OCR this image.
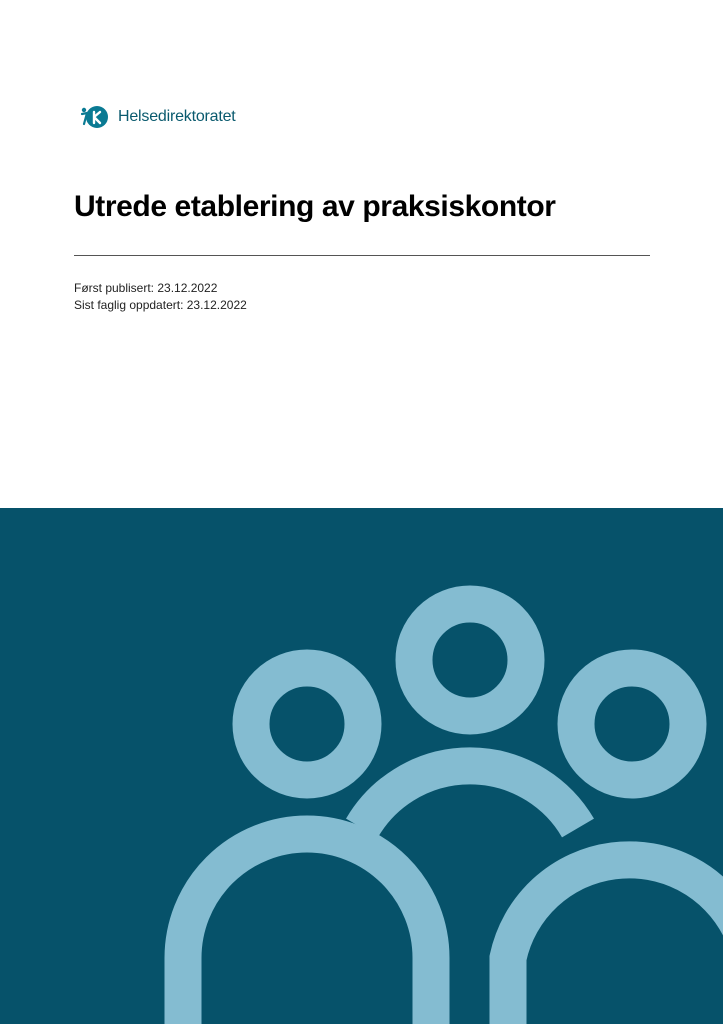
Helsedirektoratet
Utrede etablering av praksiskontor
Først publisert: 23.12.2022
Sist faglig oppdatert: 23.12.2022
